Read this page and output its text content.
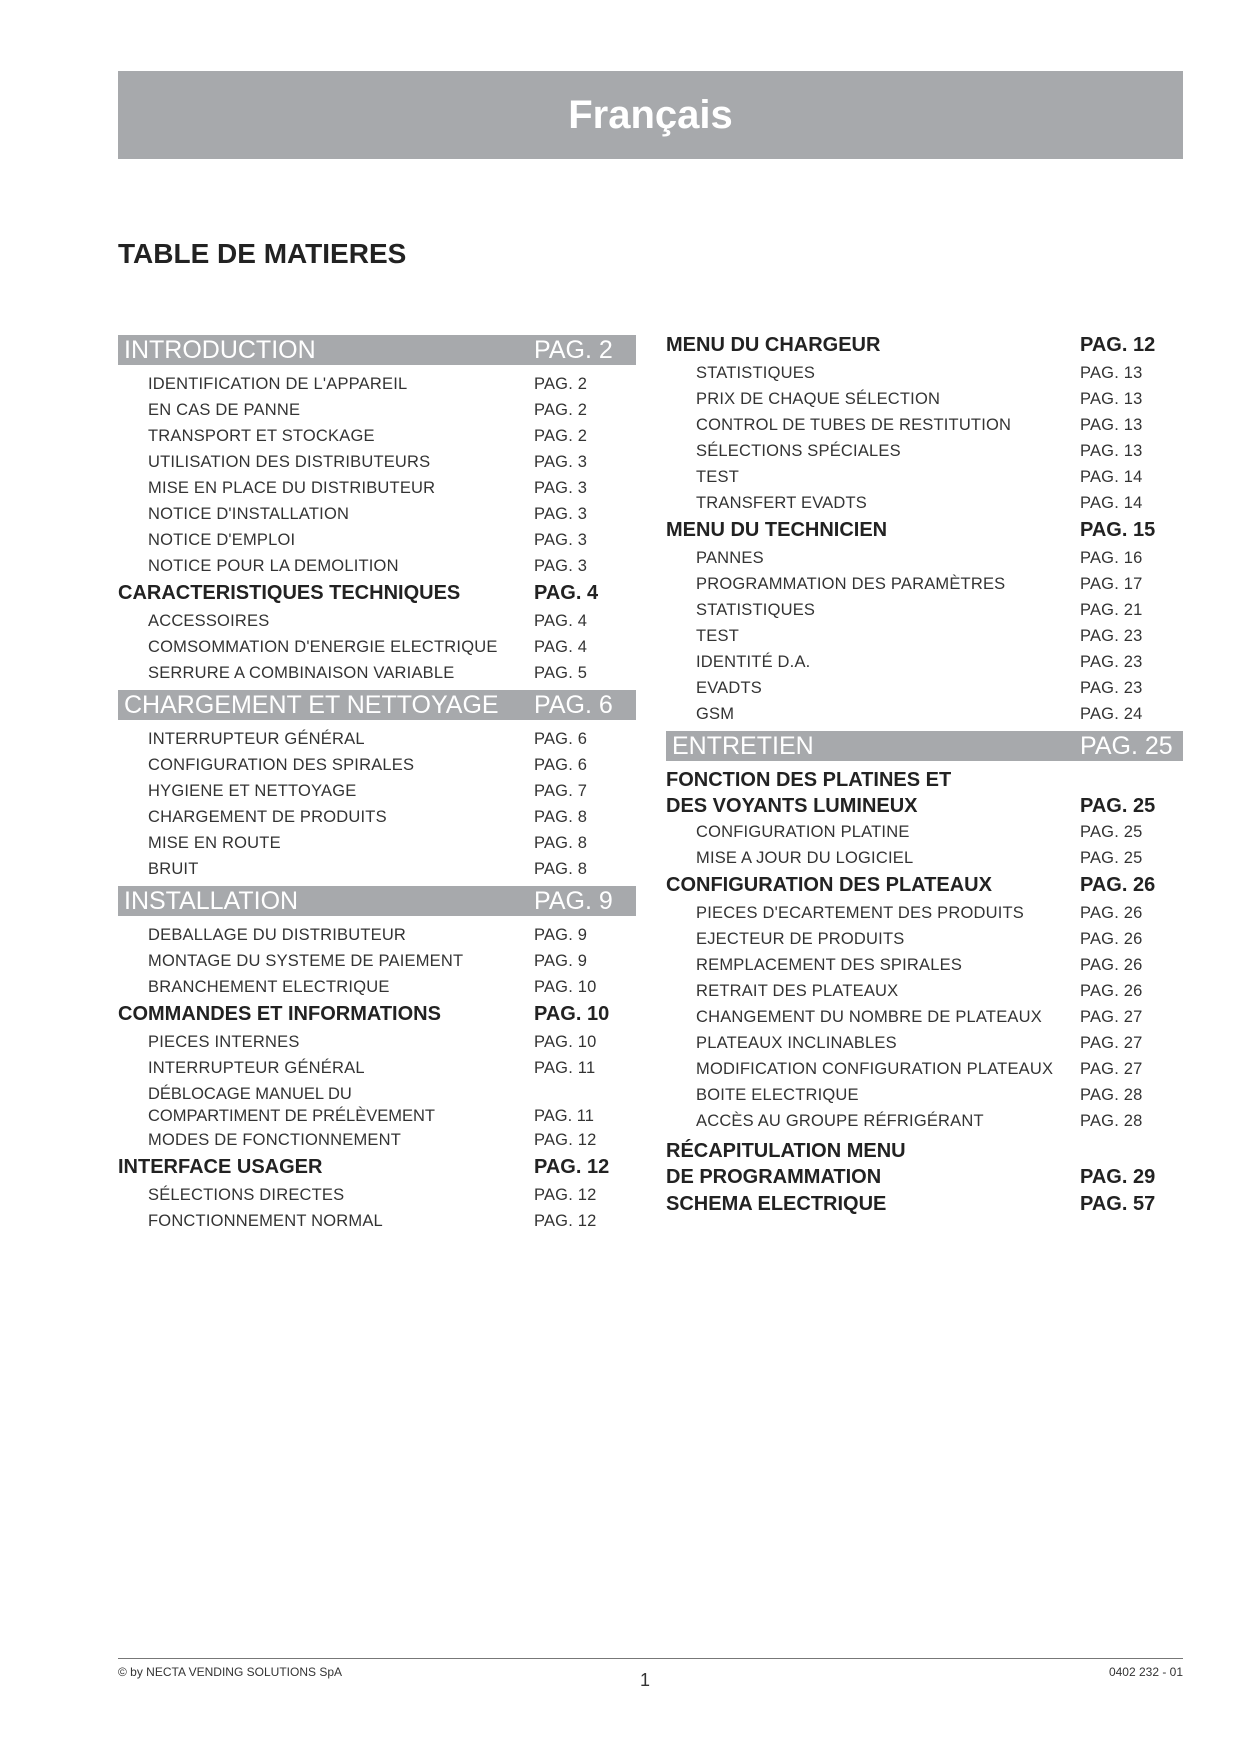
Français
TABLE DE MATIERES
INTRODUCTION	PAG. 2
IDENTIFICATION DE L'APPAREIL	PAG. 2
EN CAS DE PANNE	PAG. 2
TRANSPORT ET STOCKAGE	PAG. 2
UTILISATION DES DISTRIBUTEURS	PAG. 3
MISE EN PLACE DU DISTRIBUTEUR	PAG. 3
NOTICE D'INSTALLATION	PAG. 3
NOTICE D'EMPLOI	PAG. 3
NOTICE POUR LA DEMOLITION	PAG. 3
CARACTERISTIQUES TECHNIQUES	PAG. 4
ACCESSOIRES	PAG. 4
COMSOMMATION D'ENERGIE ELECTRIQUE PAG. 4
SERRURE A COMBINAISON VARIABLE	PAG. 5
CHARGEMENT ET NETTOYAGE PAG. 6
INTERRUPTEUR GÉNÉRAL	PAG. 6
CONFIGURATION DES SPIRALES	PAG. 6
HYGIENE ET NETTOYAGE	PAG. 7
CHARGEMENT DE PRODUITS	PAG. 8
MISE EN ROUTE	PAG. 8
BRUIT	PAG. 8
INSTALLATION	PAG. 9
DEBALLAGE DU DISTRIBUTEUR	PAG. 9
MONTAGE DU SYSTEME DE PAIEMENT	PAG. 9
BRANCHEMENT ELECTRIQUE	PAG. 10
COMMANDES ET INFORMATIONS	PAG. 10
PIECES INTERNES	PAG. 10
INTERRUPTEUR GÉNÉRAL	PAG. 11
DÉBLOCAGE MANUEL DU
COMPARTIMENT DE PRÉLÈVEMENT	PAG. 11
MODES DE FONCTIONNEMENT	PAG. 12
INTERFACE USAGER	PAG. 12
SÉLECTIONS DIRECTES	PAG. 12
FONCTIONNEMENT NORMAL	PAG. 12
MENU DU CHARGEUR	PAG. 12
STATISTIQUES	PAG. 13
PRIX DE CHAQUE SÉLECTION	PAG. 13
CONTROL DE TUBES DE RESTITUTION	PAG. 13
SÉLECTIONS SPÉCIALES	PAG. 13
TEST	PAG. 14
TRANSFERT EVADTS	PAG. 14
MENU DU TECHNICIEN	PAG. 15
PANNES	PAG. 16
PROGRAMMATION DES PARAMÈTRES	PAG. 17
STATISTIQUES	PAG. 21
TEST	PAG. 23
IDENTITÉ D.A.	PAG. 23
EVADTS	PAG. 23
GSM	PAG. 24
ENTRETIEN	PAG. 25
FONCTION DES PLATINES ET
DES VOYANTS LUMINEUX	PAG. 25
CONFIGURATION PLATINE	PAG. 25
MISE A JOUR DU LOGICIEL	PAG. 25
CONFIGURATION DES PLATEAUX	PAG. 26
PIECES D'ECARTEMENT DES PRODUITS	PAG. 26
EJECTEUR DE PRODUITS	PAG. 26
REMPLACEMENT DES SPIRALES	PAG. 26
RETRAIT DES PLATEAUX	PAG. 26
CHANGEMENT DU NOMBRE DE PLATEAUX PAG. 27
PLATEAUX INCLINABLES	PAG. 27
MODIFICATION CONFIGURATION PLATEAUX PAG. 27
BOITE ELECTRIQUE	PAG. 28
ACCÈS AU GROUPE RÉFRIGÉRANT	PAG. 28
RÉCAPITULATION MENU
DE PROGRAMMATION	PAG. 29
SCHEMA ELECTRIQUE	PAG. 57
© by NECTA VENDING SOLUTIONS SpA	1	0402 232 - 01
